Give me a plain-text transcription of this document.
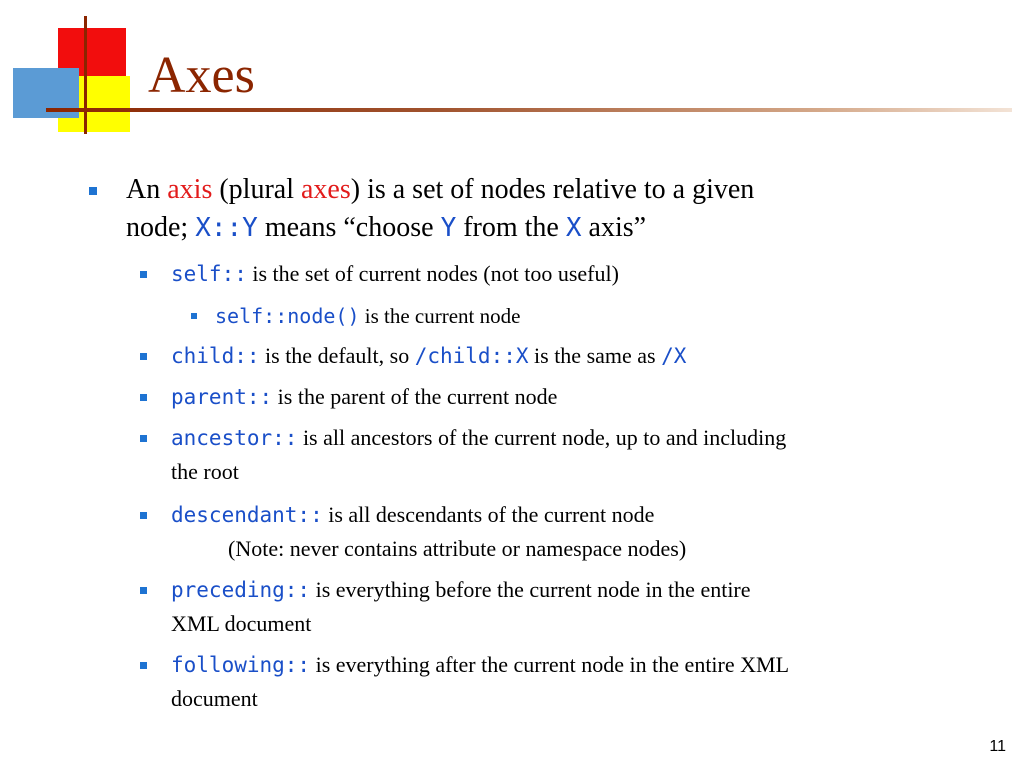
Axes
An axis (plural axes) is a set of nodes relative to a given
node; X::Y means “choose Y from the X axis”
self:: is the set of current nodes (not too useful)
self::node() is the current node
child:: is the default, so /child::X is the same as /X
parent:: is the parent of the current node
ancestor:: is all ancestors of the current node, up to and including
the root
descendant:: is all descendants of the current node
(Note: never contains attribute or namespace nodes)
preceding:: is everything before the current node in the entire
XML document
following:: is everything after the current node in the entire XML
document
11
